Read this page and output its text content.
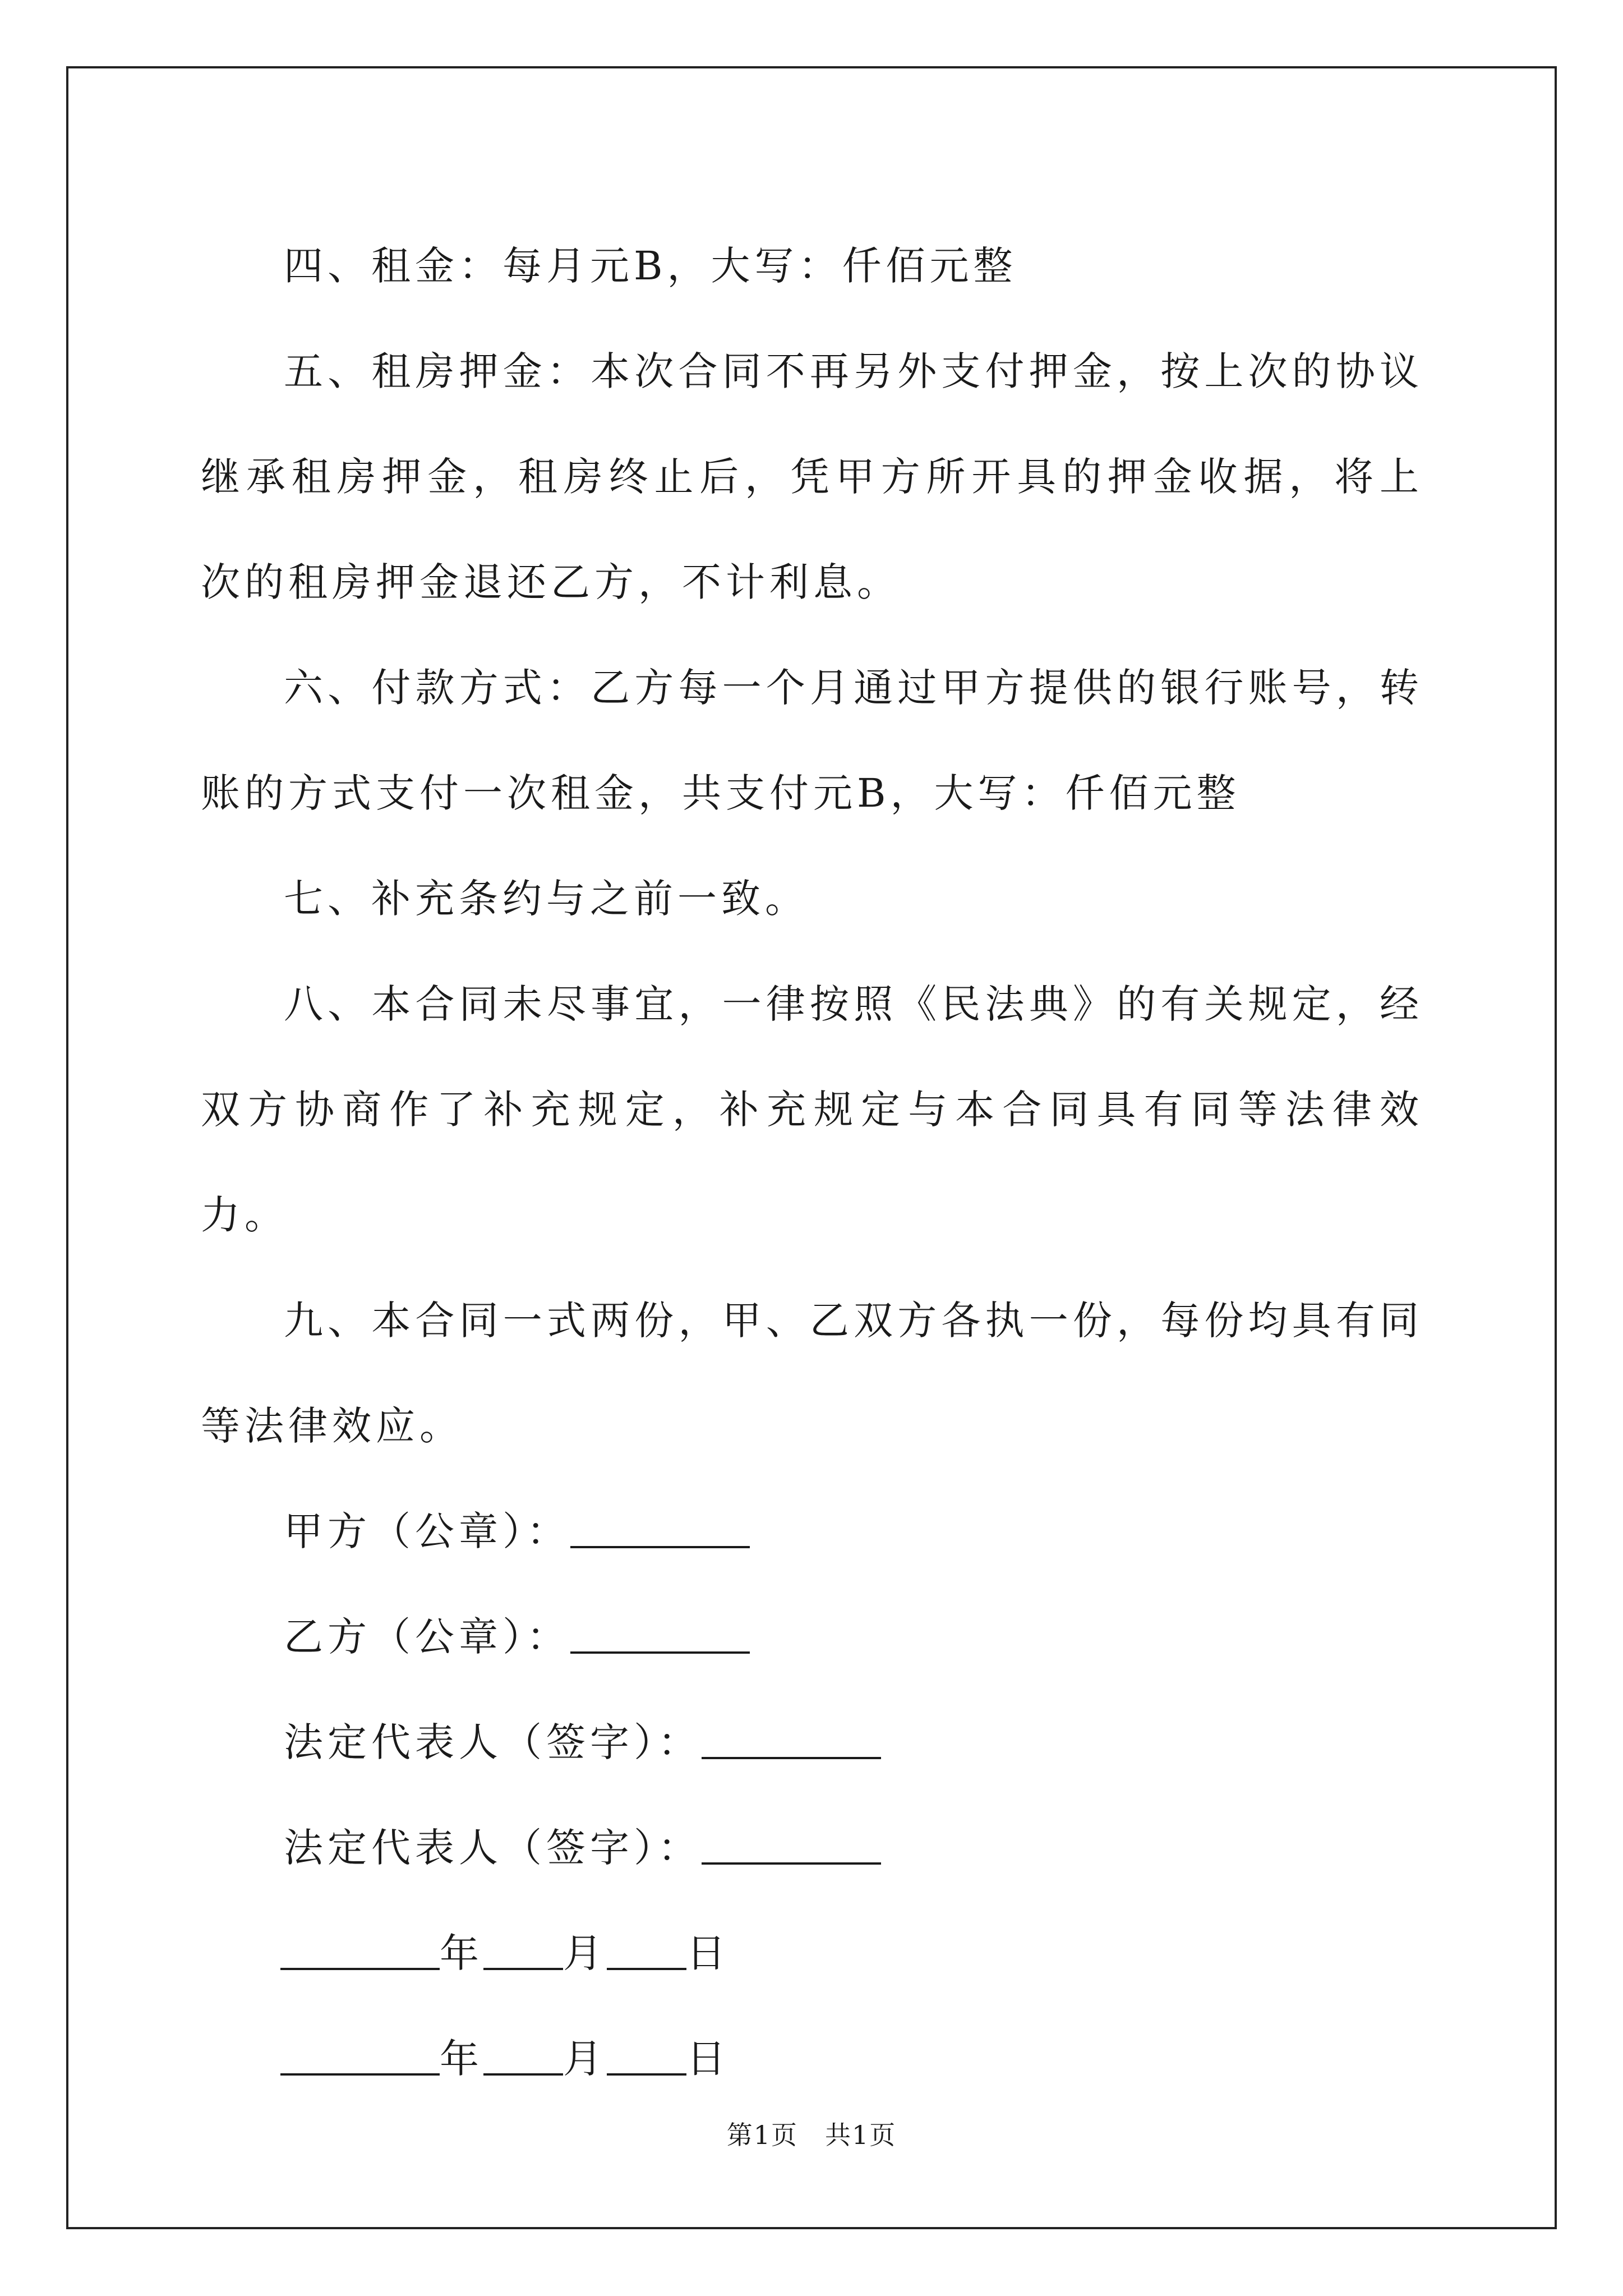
四、租金：每月元B，大写：仟佰元整

五、租房押金：本次合同不再另外支付押金，按上次的协议继承租房押金，租房终止后，凭甲方所开具的押金收据，将上次的租房押金退还乙方，不计利息。

六、付款方式：乙方每一个月通过甲方提供的银行账号，转账的方式支付一次租金，共支付元B，大写：仟佰元整

七、补充条约与之前一致。

八、本合同未尽事宜，一律按照《民法典》的有关规定，经双方协商作了补充规定，补充规定与本合同具有同等法律效力。

九、本合同一式两份，甲、乙双方各执一份，每份均具有同等法律效应。

甲方（公章）：

乙方（公章）：

法定代表人（签字）：

法定代表人（签字）：

年 月 日

年 月 日

第1页　共1页
